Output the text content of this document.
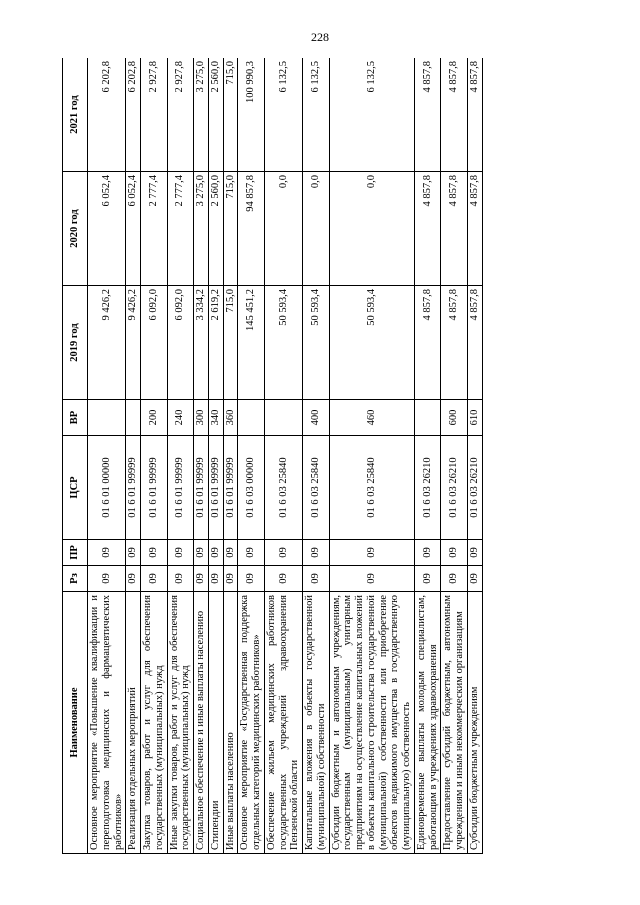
228
Наименование	Рз	ПР	ЦСР	ВР	2019 год	2020 год	2021 год
Основное мероприятие «Повышение квалификации и переподготовка медицинских и фармацевтических работников»	09	09	01 6 01 00000		9 426,2	6 052,4	6 202,8
Реализация отдельных мероприятий	09	09	01 6 01 99999		9 426,2	6 052,4	6 202,8
Закупка товаров, работ и услуг для обеспечения государственных (муниципальных) нужд	09	09	01 6 01 99999	200	6 092,0	2 777,4	2 927,8
Иные закупки товаров, работ и услуг для обеспечения государственных (муниципальных) нужд	09	09	01 6 01 99999	240	6 092,0	2 777,4	2 927,8
Социальное обеспечение и иные выплаты населению	09	09	01 6 01 99999	300	3 334,2	3 275,0	3 275,0
Стипендии	09	09	01 6 01 99999	340	2 619,2	2 560,0	2 560,0
Иные выплаты населению	09	09	01 6 01 99999	360	715,0	715,0	715,0
Основное мероприятие «Государственная поддержка отдельных категорий медицинских работников»	09	09	01 6 03 00000		145 451,2	94 857,8	100 990,3
Обеспечение жильем медицинских работников государственных учреждений здравоохранения Пензенской области	09	09	01 6 03 25840		50 593,4	0,0	6 132,5
Капитальные вложения в объекты государственной (муниципальной) собственности	09	09	01 6 03 25840	400	50 593,4	0,0	6 132,5
Субсидии бюджетным и автономным учреждениям, государственным (муниципальным) унитарным предприятиям на осуществление капитальных вложений в объекты капитального строительства государственной (муниципальной) собственности или приобретение объектов недвижимого имущества в государственную (муниципальную) собственность	09	09	01 6 03 25840	460	50 593,4	0,0	6 132,5
Единовременные выплаты молодым специалистам, работающим в учреждениях здравоохранения	09	09	01 6 03 26210		4 857,8	4 857,8	4 857,8
Предоставление субсидий бюджетным, автономным учреждениям и иным некоммерческим организациям	09	09	01 6 03 26210	600	4 857,8	4 857,8	4 857,8
Субсидии бюджетным учреждениям	09	09	01 6 03 26210	610	4 857,8	4 857,8	4 857,8
